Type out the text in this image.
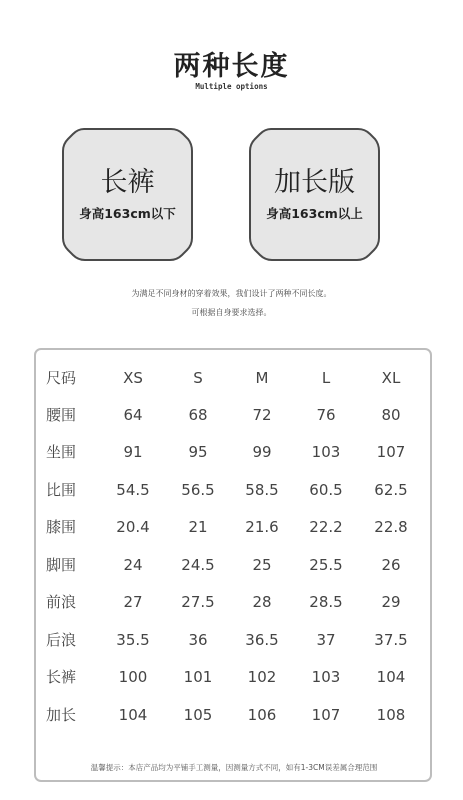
两种长度
Multiple options
长裤
身高163cm以下
加长版
身高163cm以上
为满足不同身材的穿着效果，我们设计了两种不同长度。
可根据自身要求选择。
尺码	XS	S	M	L	XL
腰围	64	68	72	76	80
坐围	91	95	99	103	107
比围	54.5	56.5	58.5	60.5	62.5
膝围	20.4	21	21.6	22.2	22.8
脚围	24	24.5	25	25.5	26
前浪	27	27.5	28	28.5	29
后浪	35.5	36	36.5	37	37.5
长裤	100	101	102	103	104
加长	104	105	106	107	108
温馨提示：本店产品均为平铺手工测量，因测量方式不同，如有1-3CM误差属合理范围
